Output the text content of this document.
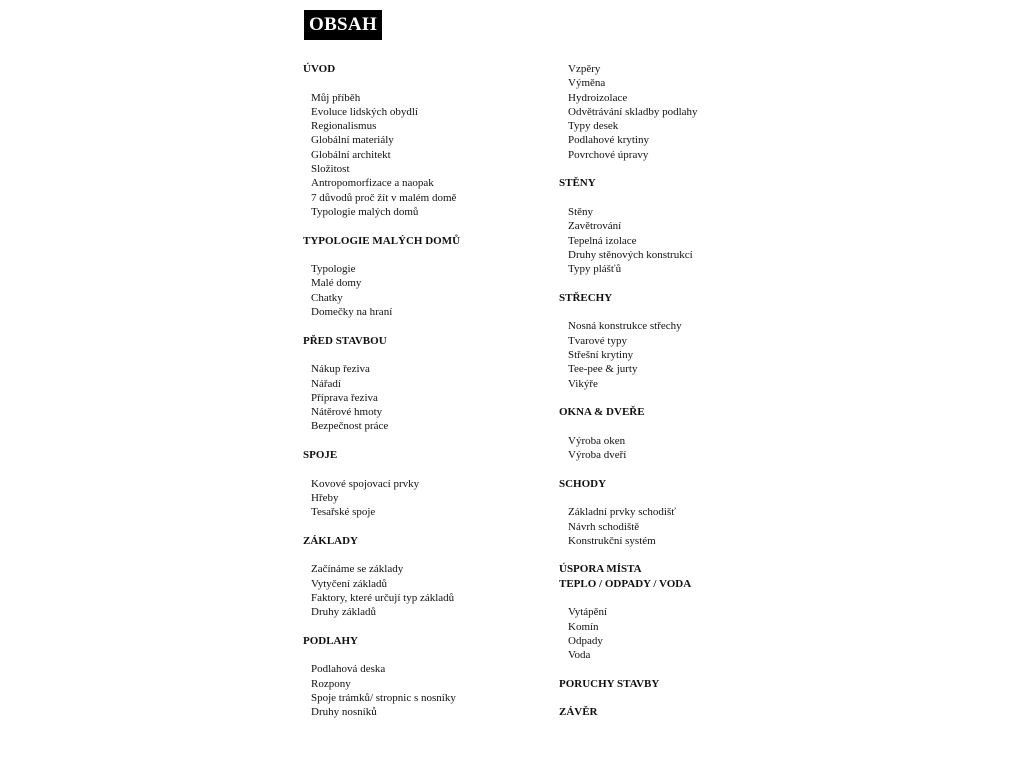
OBSAH
ÚVOD
Můj příběh
Evoluce lidských obydlí
Regionalismus
Globální materiály
Globální architekt
Složitost
Antropomorfizace a naopak
7 důvodů proč žít v malém domě
Typologie malých domů
TYPOLOGIE MALÝCH DOMŮ
Typologie
Malé domy
Chatky
Domečky na hraní
PŘED STAVBOU
Nákup řeziva
Nářadí
Příprava řeziva
Nátěrové hmoty
Bezpečnost práce
SPOJE
Kovové spojovací prvky
Hřeby
Tesařské spoje
ZÁKLADY
Začínáme se základy
Vytyčení základů
Faktory, které určují typ základů
Druhy základů
PODLAHY
Podlahová deska
Rozpony
Spoje trámků/ stropnic s nosníky
Druhy nosníků
Vzpěry
Výměna
Hydroizolace
Odvětrávání skladby podlahy
Typy desek
Podlahové krytiny
Povrchové úpravy
STĚNY
Stěny
Zavětrování
Tepelná izolace
Druhy stěnových konstrukcí
Typy plášťů
STŘECHY
Nosná konstrukce střechy
Tvarové typy
Střešní krytiny
Tee-pee & jurty
Vikýře
OKNA & DVEŘE
Výroba oken
Výroba dveří
SCHODY
Základní prvky schodišť
Návrh schodiště
Konstrukční systém
ÚSPORA MÍSTA
TEPLO / ODPADY / VODA
Vytápění
Komín
Odpady
Voda
PORUCHY STAVBY
ZÁVĚR
